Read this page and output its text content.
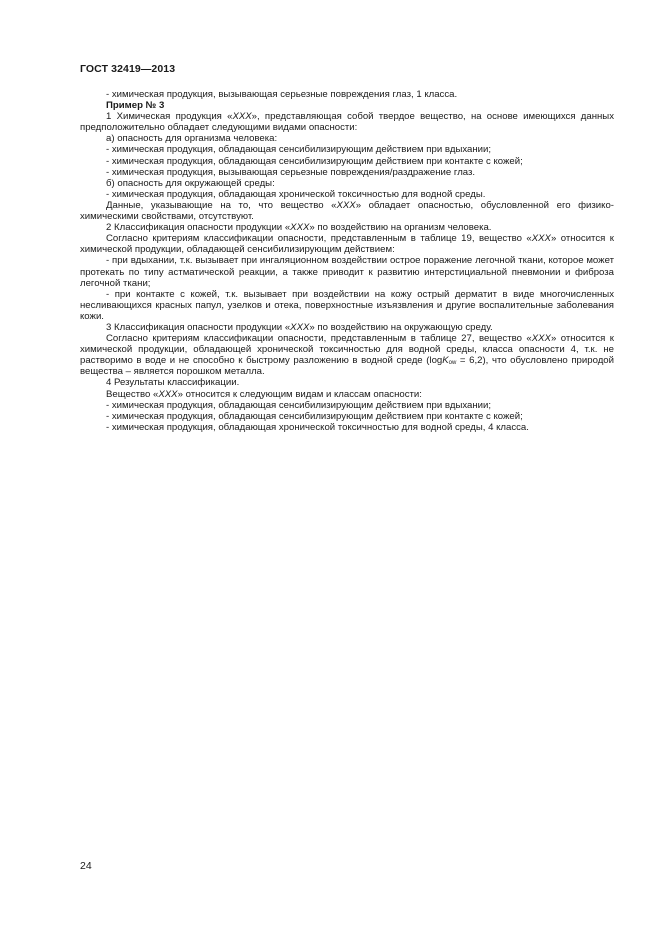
ГОСТ 32419—2013

- химическая продукция, вызывающая серьезные повреждения глаз, 1 класса.

Пример № 3

1 Химическая продукция «ХХХ», представляющая собой твердое вещество, на основе имеющихся данных предположительно обладает следующими видами опасности:

а) опасность для организма человека:

- химическая продукция, обладающая сенсибилизирующим действием при вдыхании;

- химическая продукция, обладающая сенсибилизирующим действием при контакте с кожей;

- химическая продукция, вызывающая серьезные повреждения/раздражение глаз.

б) опасность для окружающей среды:

- химическая продукция, обладающая хронической токсичностью для водной среды.

Данные, указывающие на то, что вещество «ХХХ» обладает опасностью, обусловленной его физико-химическими свойствами, отсутствуют.

2 Классификация опасности продукции «ХХХ» по воздействию на организм человека.

Согласно критериям классификации опасности, представленным в таблице 19, вещество «ХХХ» относится к химической продукции, обладающей сенсибилизирующим действием:

- при вдыхании, т.к. вызывает при ингаляционном воздействии острое поражение легочной ткани, которое может протекать по типу астматической реакции, а также приводит к развитию интерстициальной пневмонии и фиброза легочной ткани;

- при контакте с кожей, т.к. вызывает при воздействии на кожу острый дерматит в виде многочисленных несливающихся красных папул, узелков и отека, поверхностные изъязвления и другие воспалительные заболевания кожи.

3 Классификация опасности продукции «ХХХ» по воздействию на окружающую среду.

Согласно критериям классификации опасности, представленным в таблице 27, вещество «ХХХ» относится к химической продукции, обладающей хронической токсичностью для водной среды, класса опасности 4, т.к. не растворимо в воде и не способно к быстрому разложению в водной среде (logK$_{ow}$ = 6,2), что обусловлено природой вещества – является порошком металла.

4 Результаты классификации.

Вещество «ХХХ» относится к следующим видам и классам опасности:

- химическая продукция, обладающая сенсибилизирующим действием при вдыхании;

- химическая продукция, обладающая сенсибилизирующим действием при контакте с кожей;

- химическая продукция, обладающая хронической токсичностью для водной среды, 4 класса.

24
